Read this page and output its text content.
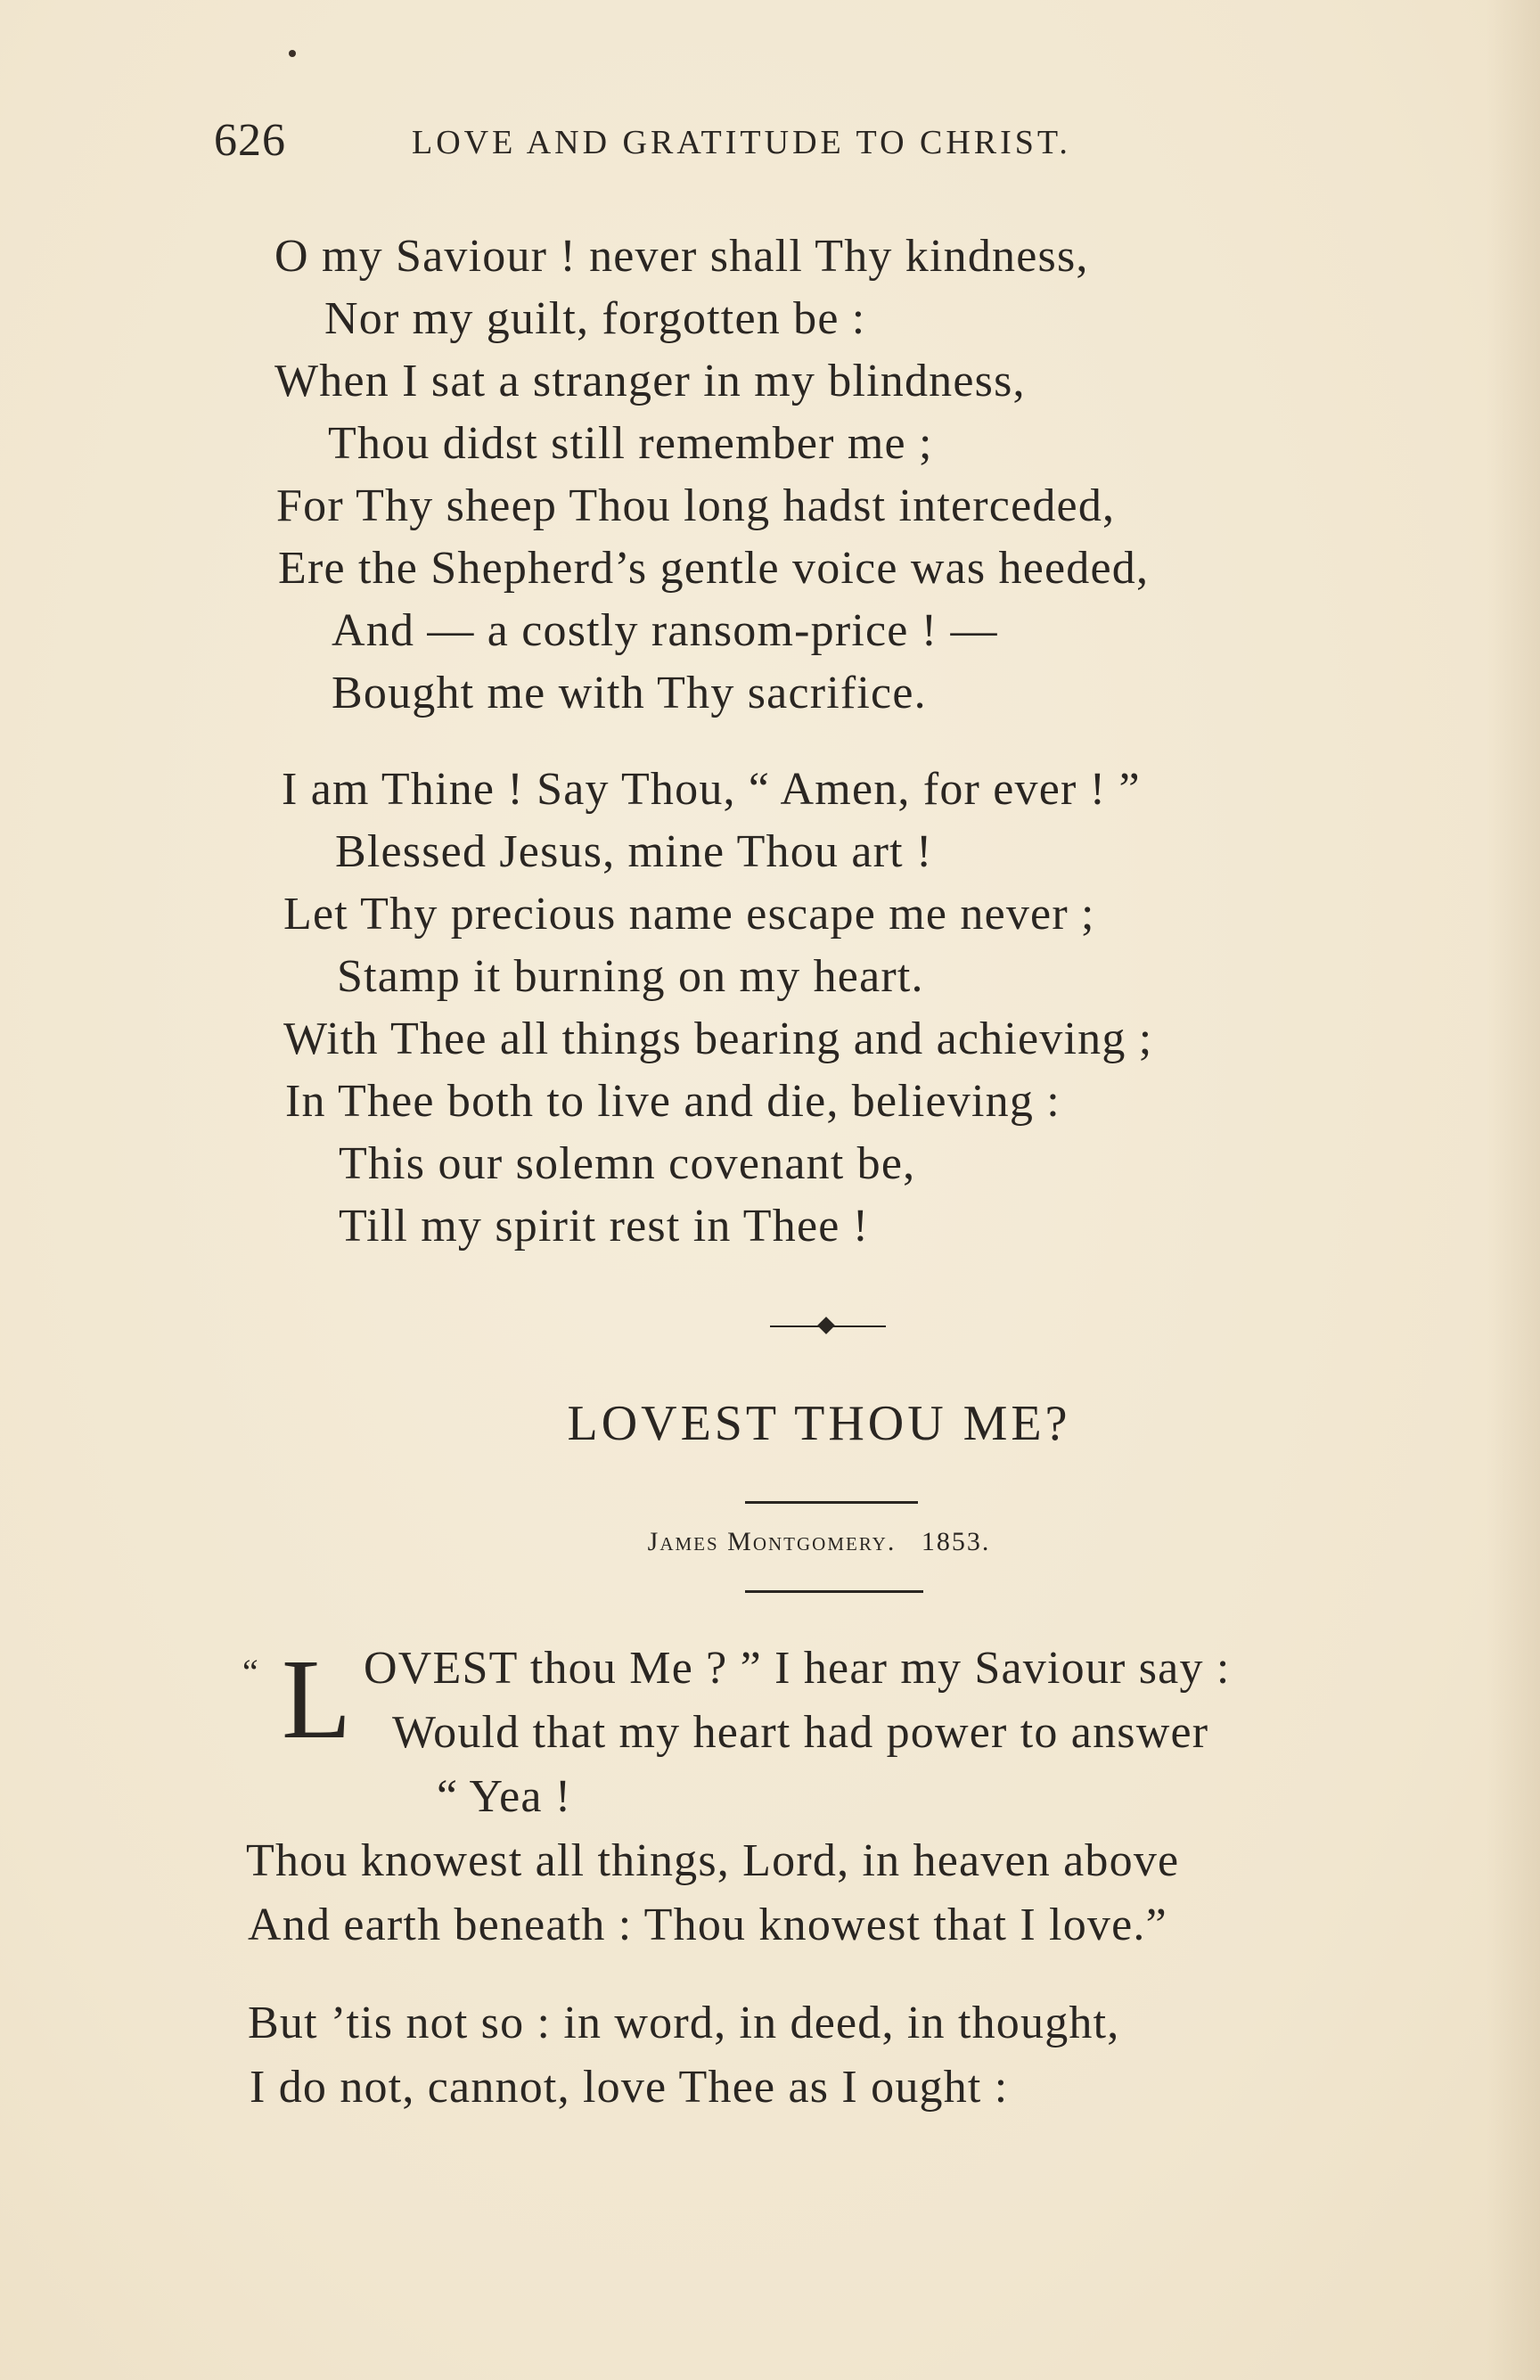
626	LOVE AND GRATITUDE TO CHRIST.
O my Saviour ! never shall Thy kindness,
Nor my guilt, forgotten be :
When I sat a stranger in my blindness,
Thou didst still remember me ;
For Thy sheep Thou long hadst interceded,
Ere the Shepherd’s gentle voice was heeded,
And — a costly ransom-price ! —
Bought me with Thy sacrifice.
I am Thine ! Say Thou, “ Amen, for ever ! ”
Blessed Jesus, mine Thou art !
Let Thy precious name escape me never ;
Stamp it burning on my heart.
With Thee all things bearing and achieving ;
In Thee both to live and die, believing :
This our solemn covenant be,
Till my spirit rest in Thee !
LOVEST THOU ME?
James Montgomery. 1853.
“ L OVEST thou Me ? ” I hear my Saviour say :
Would that my heart had power to answer
“ Yea !
Thou knowest all things, Lord, in heaven above
And earth beneath : Thou knowest that I love.”
But ’tis not so : in word, in deed, in thought,
I do not, cannot, love Thee as I ought :
